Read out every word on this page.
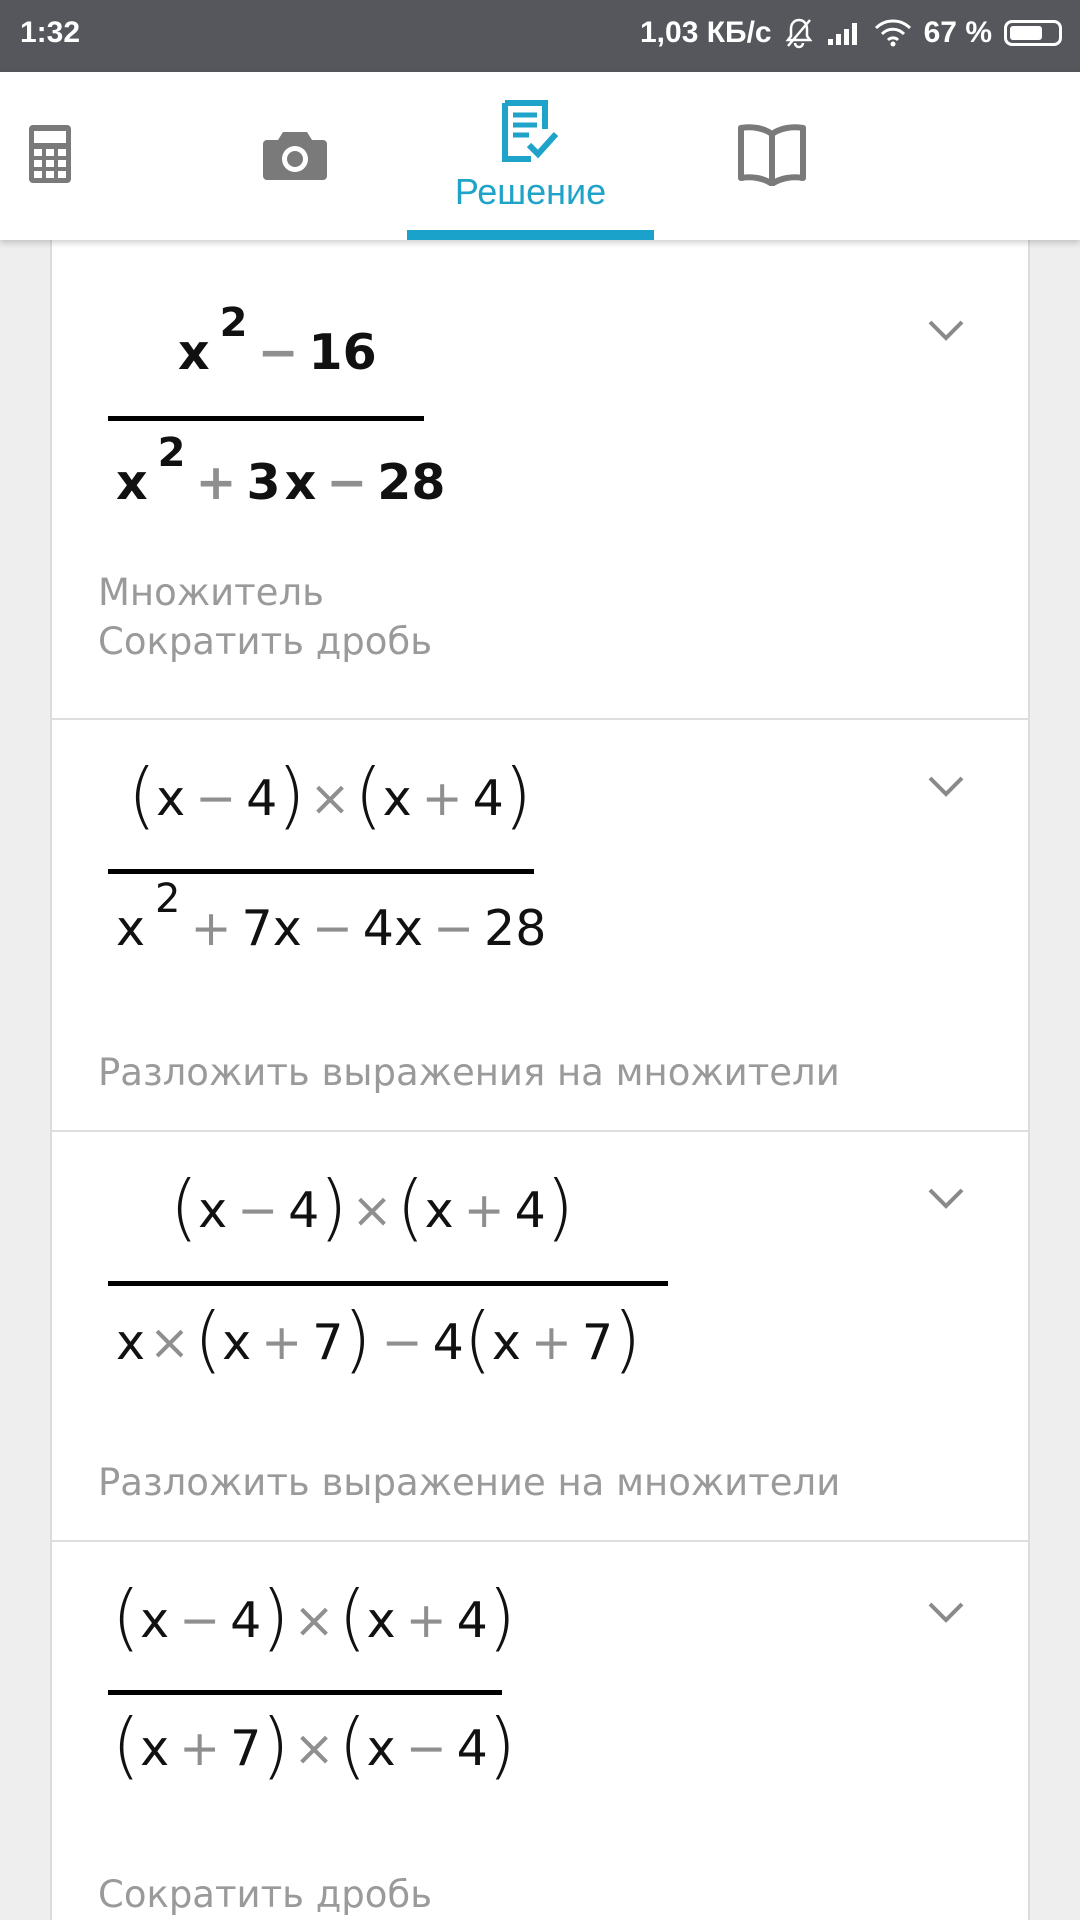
1:32	1,03 КБ/с	67 %
Решение
x
2
− 16
x
2
+ 3 x − 28
Множитель
Сократить дробь
( x − 4 ) × ( x + 4 )
x
2
+ 7x − 4x − 28
Разложить выражения на множители
( x − 4 ) × ( x + 4 )
x × ( x + 7 ) − 4 ( x + 7 )
Разложить выражение на множители
( x − 4 ) × ( x + 4 )
( x + 7 ) × ( x − 4 )
Сократить дробь
